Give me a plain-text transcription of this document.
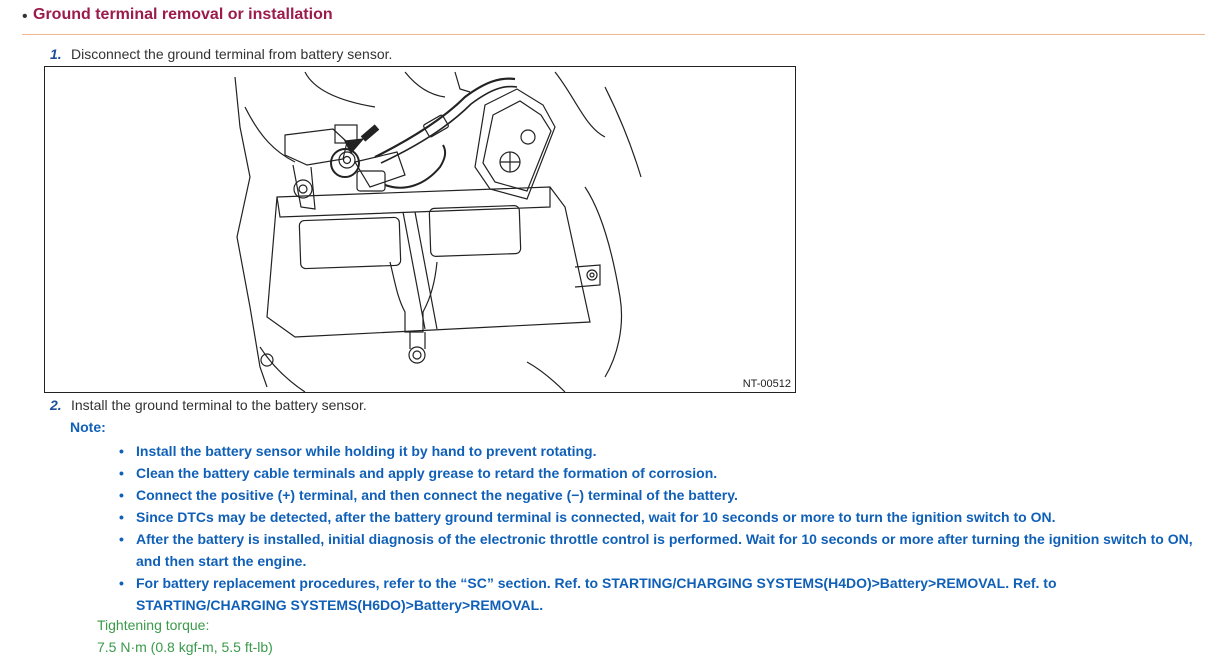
• Ground terminal removal or installation
1. Disconnect the ground terminal from battery sensor.
NT-00512
2. Install the ground terminal to the battery sensor.
Note:
• Install the battery sensor while holding it by hand to prevent rotating.
• Clean the battery cable terminals and apply grease to retard the formation of corrosion.
• Connect the positive (+) terminal, and then connect the negative (−) terminal of the battery.
• Since DTCs may be detected, after the battery ground terminal is connected, wait for 10 seconds or more to turn the ignition switch to ON.
• After the battery is installed, initial diagnosis of the electronic throttle control is performed. Wait for 10 seconds or more after turning the ignition switch to ON, and then start the engine.
• For battery replacement procedures, refer to the “SC” section. Ref. to STARTING/CHARGING SYSTEMS(H4DO)>Battery>REMOVAL. Ref. to STARTING/CHARGING SYSTEMS(H6DO)>Battery>REMOVAL.
Tightening torque:
7.5 N·m (0.8 kgf-m, 5.5 ft-lb)
